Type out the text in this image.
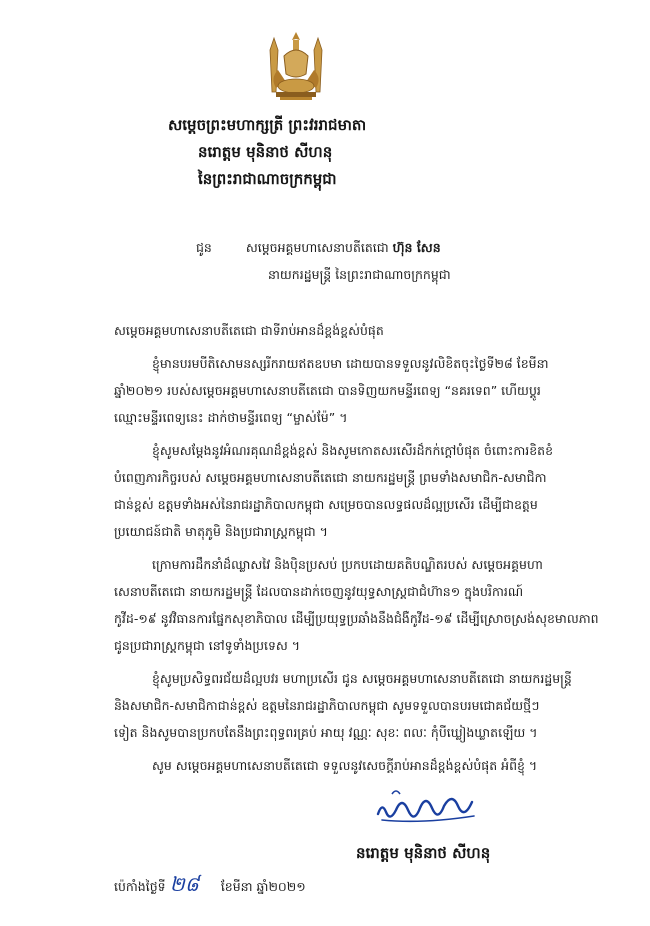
សម្តេចព្រះមហាក្សត្រី ព្រះវររាជមាតា
នរោត្តម មុនិនាថ សីហនុ
នៃព្រះរាជាណាចក្រកម្ពុជា
ជូន	សម្តេចអគ្គមហាសេនាបតីតេជោ ហ៊ុន សែន
នាយករដ្ឋមន្ត្រី នៃព្រះរាជាណាចក្រកម្ពុជា
សម្តេចអគ្គមហាសេនាបតីតេជោ ជាទីរាប់អានដ៏ខ្ពង់ខ្ពស់បំផុត
ខ្ញុំមានបរមបីតិសោមនស្សរីករាយឥតឧបមា ដោយបានទទួលនូវលិខិតចុះថ្ងៃទី២៨ ខែមីនា
ឆ្នាំ២០២១ របស់សម្តេចអគ្គមហាសេនាបតីតេជោ បានទិញយកមន្ទីរពេទ្យ “នគរទេព” ហើយប្តូរ
ឈ្មោះមន្ទីរពេទ្យនេះ ដាក់ថាមន្ទីរពេទ្យ “ម្ចាស់ម៉ែ” ។
ខ្ញុំសូមសម្តែងនូវអំណរគុណដ៏ខ្ពង់ខ្ពស់ និងសូមកោតសរសើរដ៏កក់ក្តៅបំផុត ចំពោះការខិតខំ
បំពេញភារកិច្ចរបស់ សម្តេចអគ្គមហាសេនាបតីតេជោ នាយករដ្ឋមន្ត្រី ព្រមទាំងសមាជិក-សមាជិកា
ជាន់ខ្ពស់ ឧត្តមទាំងអស់នៃរាជរដ្ឋាភិបាលកម្ពុជា សម្រេចបានលទ្ធផលដ៏ល្អប្រសើរ ដើម្បីជាឧត្តម
ប្រយោជន៍ជាតិ មាតុភូមិ និងប្រជារាស្ត្រកម្ពុជា ។
ក្រោមការដឹកនាំដ៏ឈ្លាសវៃ និងប៉ិនប្រសប់ ប្រកបដោយគតិបណ្ឌិតរបស់ សម្តេចអគ្គមហា
សេនាបតីតេជោ នាយករដ្ឋមន្ត្រី ដែលបានដាក់ចេញនូវយុទ្ធសាស្ត្រជាជំហ៊ាន១ ក្នុងបរិការណ៍
កូវីដ-១៩ នូវវិធានការផ្នែកសុខាភិបាល ដើម្បីប្រយុទ្ធប្រឆាំងនឹងជំងឺកូវីដ-១៩ ដើម្បីស្រោចស្រង់សុខមាលភាព
ជូនប្រជារាស្ត្រកម្ពុជា នៅទូទាំងប្រទេស ។
ខ្ញុំសូមប្រសិទ្ធពរជ័យដ៏ល្អបវរ មហាប្រសើរ ជូន សម្តេចអគ្គមហាសេនាបតីតេជោ នាយករដ្ឋមន្ត្រី
និងសមាជិក-សមាជិកាជាន់ខ្ពស់ ឧត្តមនៃរាជរដ្ឋាភិបាលកម្ពុជា សូមទទួលបានបរមជោគជ័យថ្មីៗ
ទៀត និងសូមបានប្រកបតែនឹងព្រះពុទ្ធពរគ្រប់ អាយុ វណ្ណៈ សុខៈ ពលៈ កុំបីឃ្លៀងឃ្លាតឡើយ ។
សូម សម្តេចអគ្គមហាសេនាបតីតេជោ ទទួលនូវសេចក្តីរាប់អានដ៏ខ្ពង់ខ្ពស់បំផុត អំពីខ្ញុំ ។
នរោត្តម មុនិនាថ សីហនុ
ប៉េកាំងថ្ងៃទី ២៨ ខែមីនា ឆ្នាំ២០២១
